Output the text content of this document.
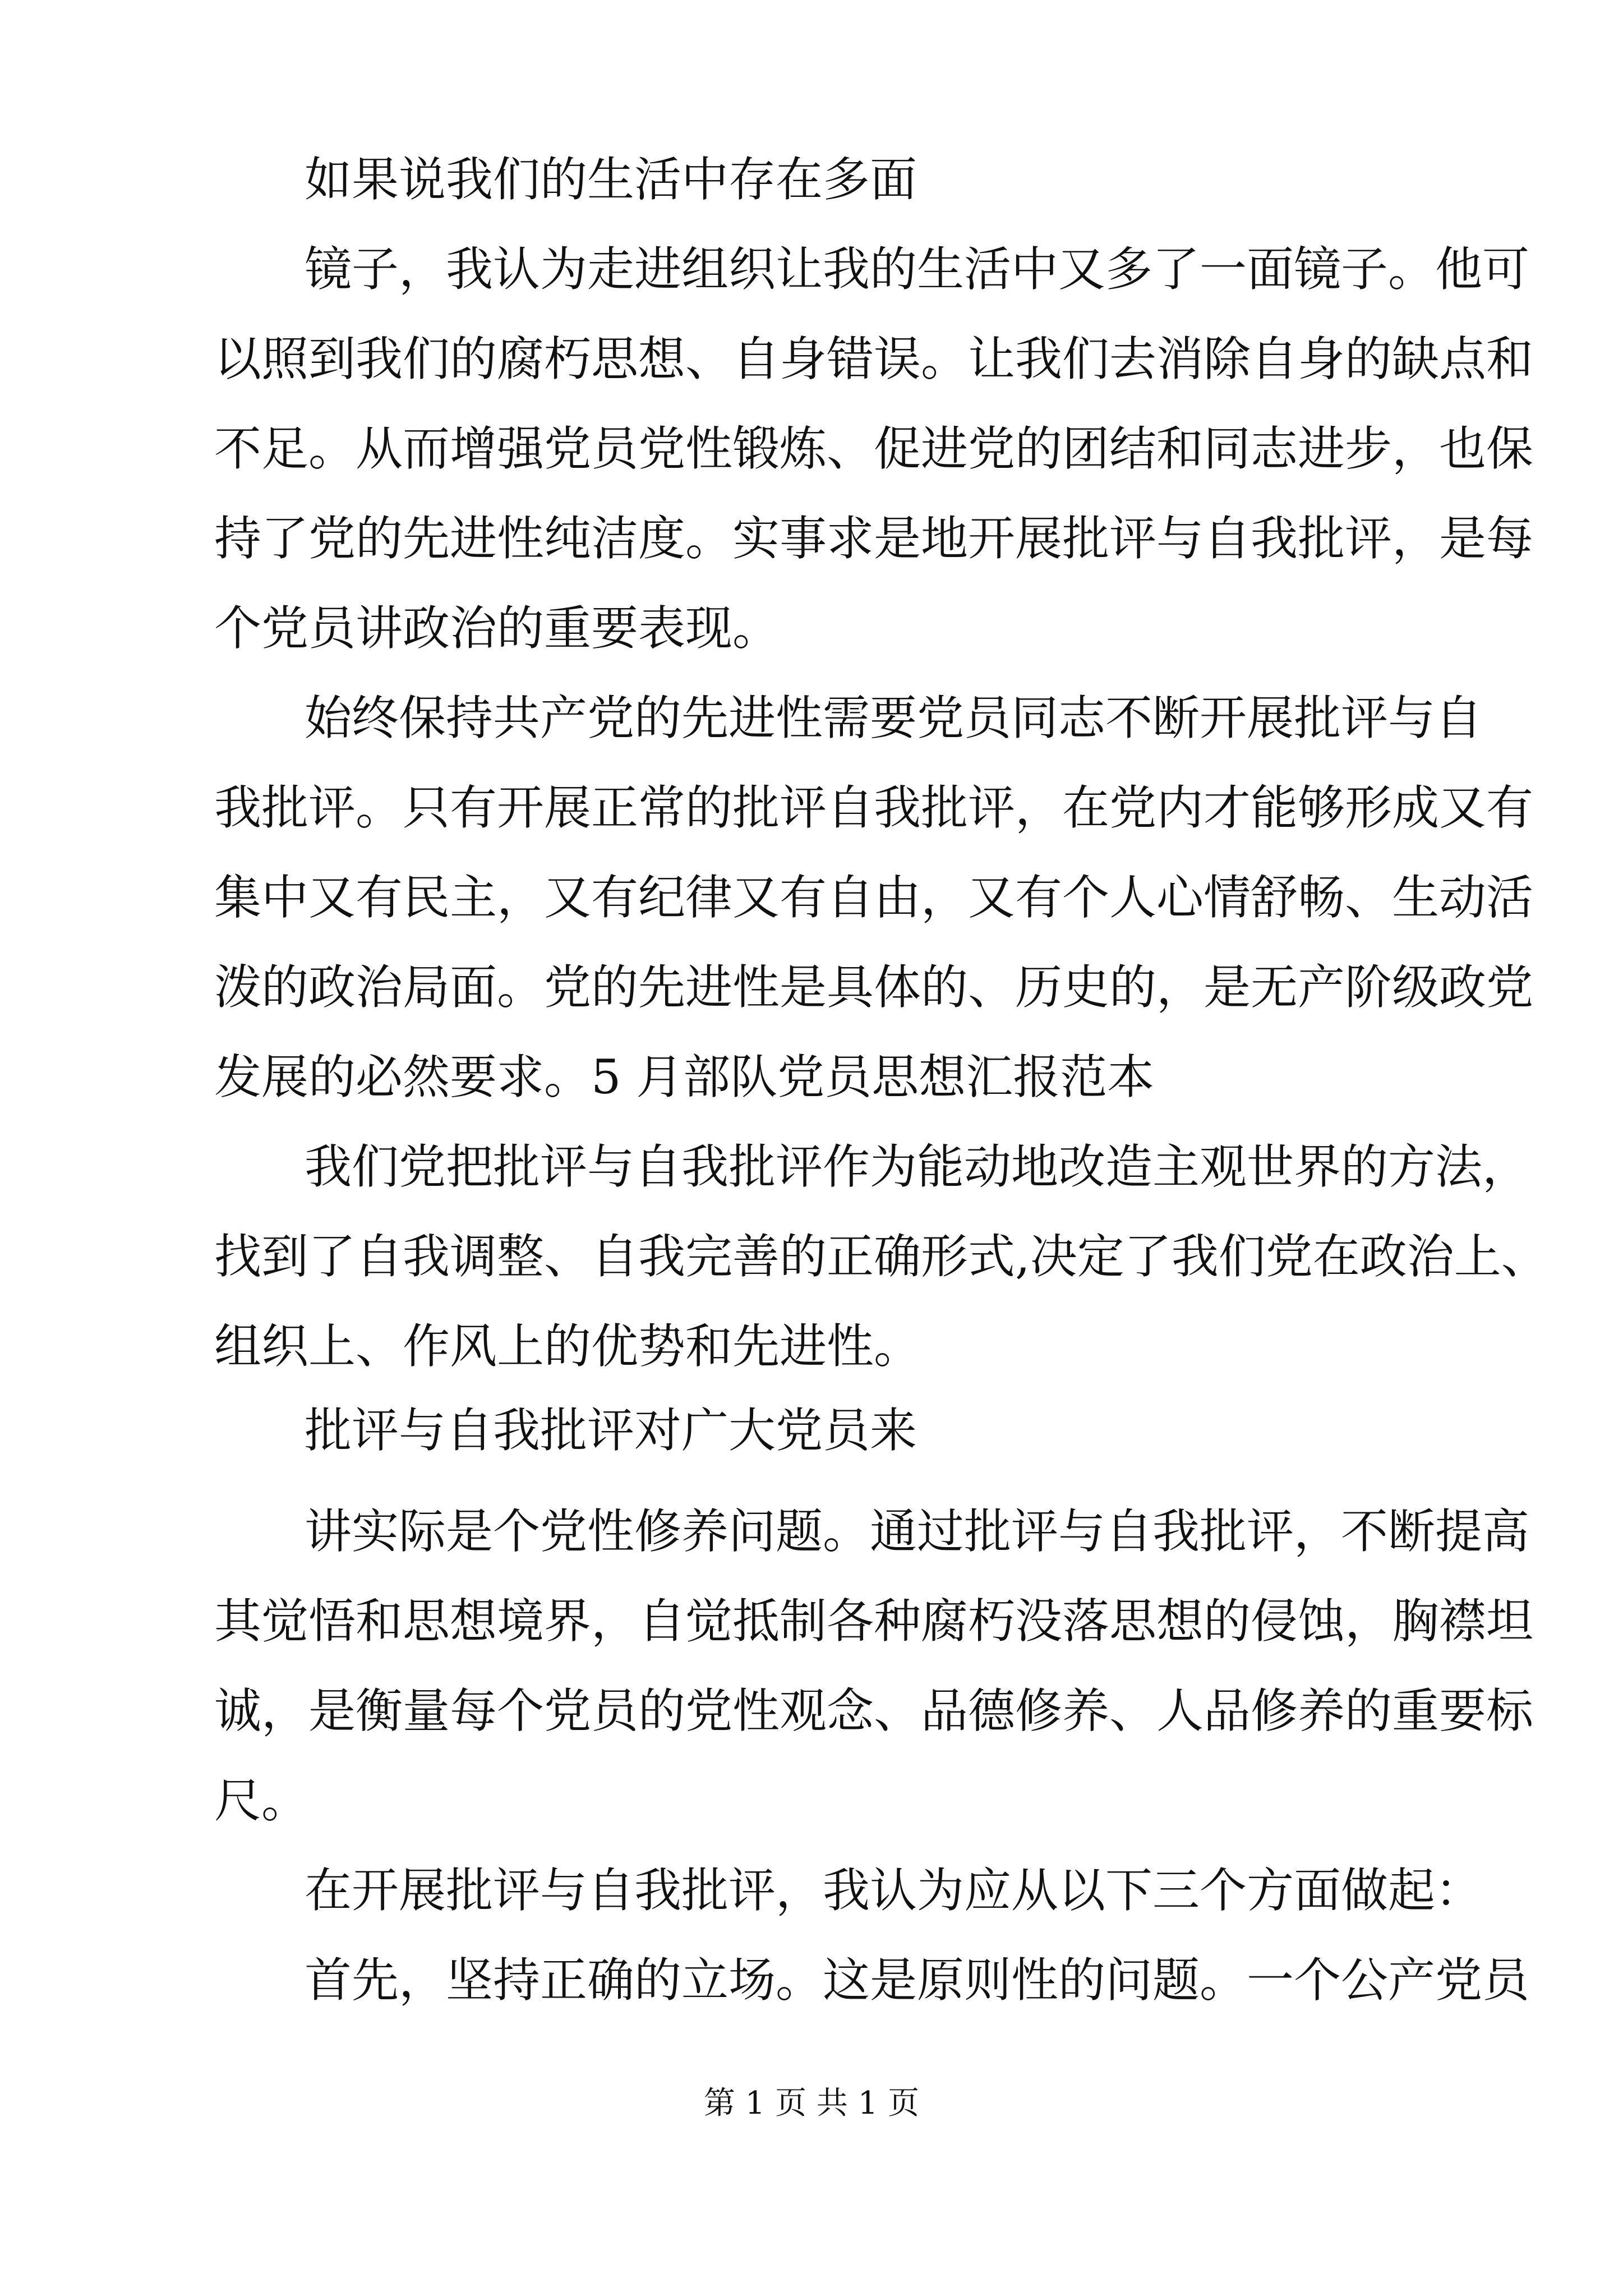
如果说我们的生活中存在多面

镜子，我认为走进组织让我的生活中又多了一面镜子。他可

以照到我们的腐朽思想、自身错误。让我们去消除自身的缺点和

不足。从而增强党员党性锻炼、促进党的团结和同志进步，也保

持了党的先进性纯洁度。实事求是地开展批评与自我批评，是每

个党员讲政治的重要表现。

始终保持共产党的先进性需要党员同志不断开展批评与自

我批评。只有开展正常的批评自我批评，在党内才能够形成又有

集中又有民主，又有纪律又有自由，又有个人心情舒畅、生动活

泼的政治局面。党的先进性是具体的、历史的，是无产阶级政党

发展的必然要求。5 月部队党员思想汇报范本

我们党把批评与自我批评作为能动地改造主观世界的方法，

找到了自我调整、自我完善的正确形式,决定了我们党在政治上、

组织上、作风上的优势和先进性。

批评与自我批评对广大党员来

讲实际是个党性修养问题。通过批评与自我批评，不断提高

其觉悟和思想境界，自觉抵制各种腐朽没落思想的侵蚀，胸襟坦

诚，是衡量每个党员的党性观念、品德修养、人品修养的重要标

尺。

在开展批评与自我批评，我认为应从以下三个方面做起：

第 1 页 共 1 页

首先，坚持正确的立场。这是原则性的问题。一个公产党员
